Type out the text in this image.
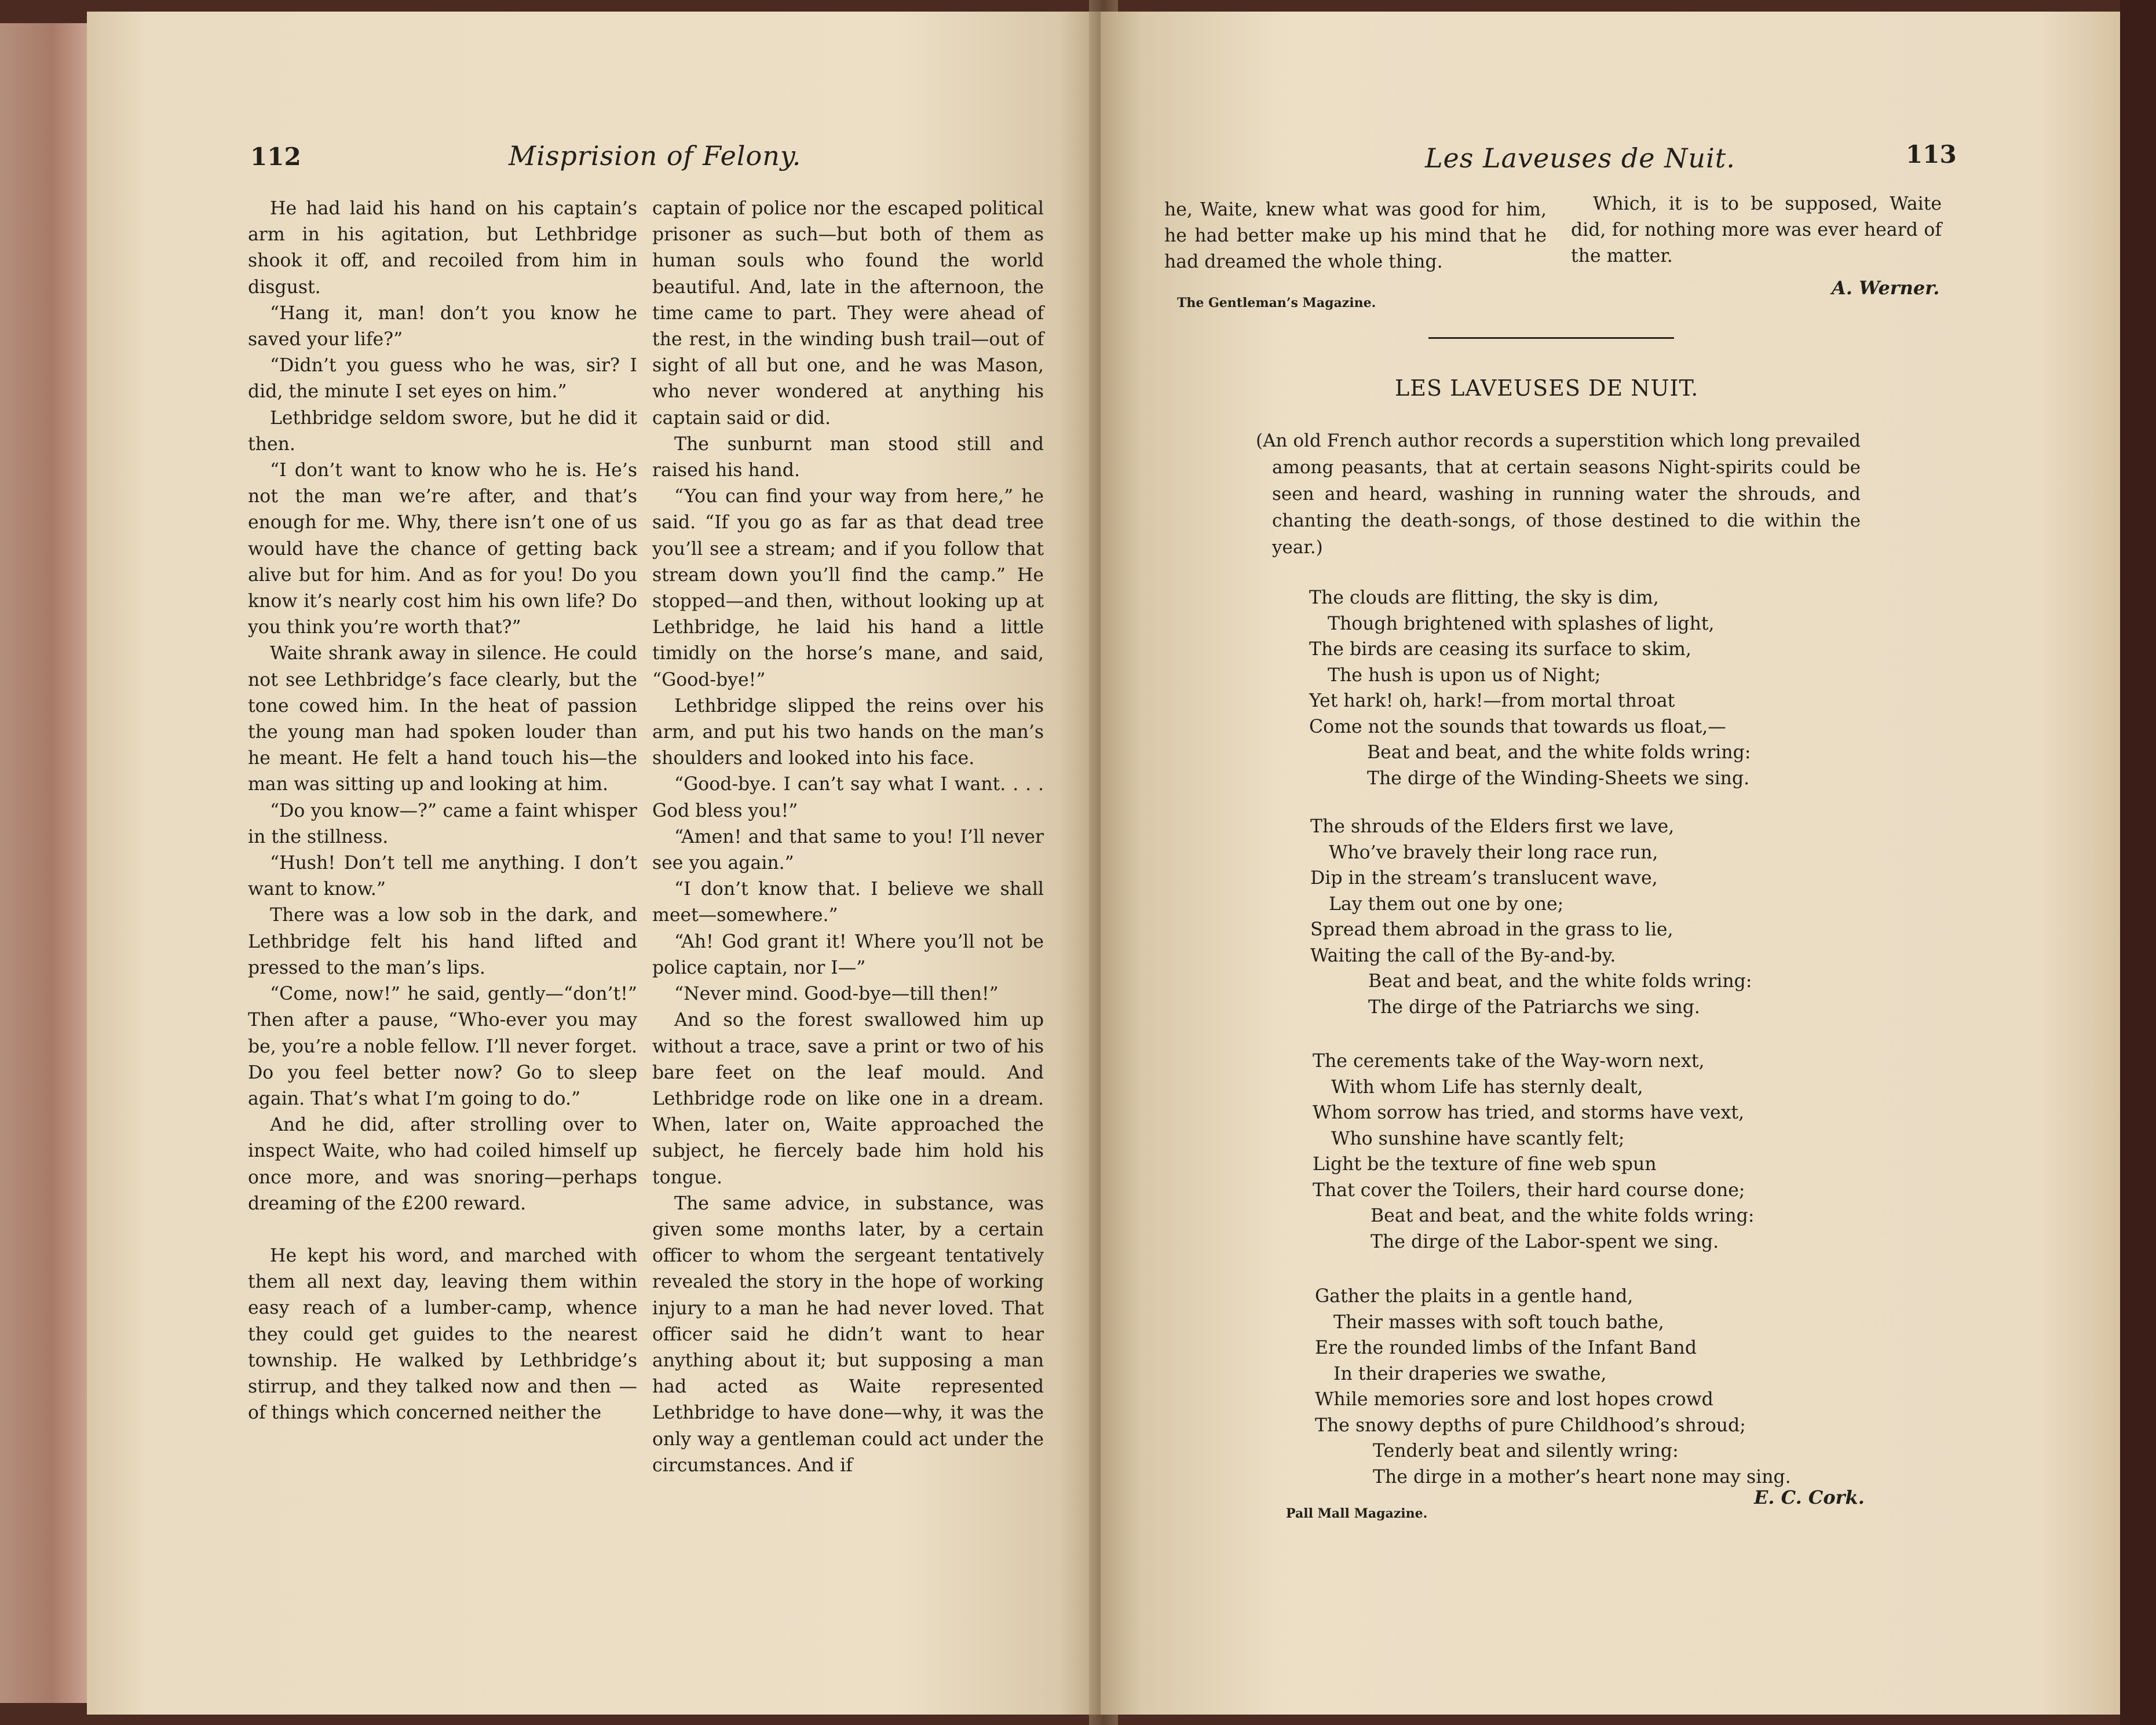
112	Misprision of Felony.

He had laid his hand on his captain’s arm in his agitation, but Lethbridge shook it off, and recoiled from him in disgust.

“Hang it, man! don’t you know he saved your life?”

“Didn’t you guess who he was, sir? I did, the minute I set eyes on him.”

Lethbridge seldom swore, but he did it then.

“I don’t want to know who he is. He’s not the man we’re after, and that’s enough for me. Why, there isn’t one of us would have the chance of getting back alive but for him. And as for you! Do you know it’s nearly cost him his own life? Do you think you’re worth that?”

Waite shrank away in silence. He could not see Lethbridge’s face clearly, but the tone cowed him. In the heat of passion the young man had spoken louder than he meant. He felt a hand touch his—the man was sitting up and looking at him.

“Do you know—?” came a faint whisper in the stillness.

“Hush! Don’t tell me anything. I don’t want to know.”

There was a low sob in the dark, and Lethbridge felt his hand lifted and pressed to the man’s lips.

“Come, now!” he said, gently—“don’t!” Then after a pause, “Who-ever you may be, you’re a noble fellow. I’ll never forget. Do you feel better now? Go to sleep again. That’s what I’m going to do.”

And he did, after strolling over to inspect Waite, who had coiled himself up once more, and was snoring—perhaps dreaming of the £200 reward.

He kept his word, and marched with them all next day, leaving them within easy reach of a lumber-camp, whence they could get guides to the nearest township. He walked by Lethbridge’s stirrup, and they talked now and then —of things which concerned neither the

captain of police nor the escaped political prisoner as such—but both of them as human souls who found the world beautiful. And, late in the afternoon, the time came to part. They were ahead of the rest, in the winding bush trail—out of sight of all but one, and he was Mason, who never wondered at anything his captain said or did.

The sunburnt man stood still and raised his hand.

“You can find your way from here,” he said. “If you go as far as that dead tree you’ll see a stream; and if you follow that stream down you’ll find the camp.” He stopped—and then, without looking up at Lethbridge, he laid his hand a little timidly on the horse’s mane, and said, “Good-bye!”

Lethbridge slipped the reins over his arm, and put his two hands on the man’s shoulders and looked into his face.

“Good-bye. I can’t say what I want. . . . God bless you!”

“Amen! and that same to you! I’ll never see you again.”

“I don’t know that. I believe we shall meet—somewhere.”

“Ah! God grant it! Where you’ll not be police captain, nor I—”

“Never mind. Good-bye—till then!”

And so the forest swallowed him up without a trace, save a print or two of his bare feet on the leaf mould. And Lethbridge rode on like one in a dream. When, later on, Waite approached the subject, he fiercely bade him hold his tongue.

The same advice, in substance, was given some months later, by a certain officer to whom the sergeant tentatively revealed the story in the hope of working injury to a man he had never loved. That officer said he didn’t want to hear anything about it; but supposing a man had acted as Waite represented Lethbridge to have done—why, it was the only way a gentleman could act under the circumstances. And if

Les Laveuses de Nuit.	113

he, Waite, knew what was good for him, he had better make up his mind that he had dreamed the whole thing.

Which, it is to be supposed, Waite did, for nothing more was ever heard of the matter.

The Gentleman’s Magazine.
A. Werner.
LES LAVEUSES DE NUIT.

(An old French author records a superstition which long prevailed among peasants, that at certain seasons Night-spirits could be seen and heard, washing in running water the shrouds, and chanting the death-songs, of those destined to die within the year.)

The clouds are flitting, the sky is dim,
Though brightened with splashes of light,
The birds are ceasing its surface to skim,
The hush is upon us of Night;
Yet hark! oh, hark!—from mortal throat
Come not the sounds that towards us float,—
Beat and beat, and the white folds wring:
The dirge of the Winding-Sheets we sing.
The shrouds of the Elders first we lave,
Who’ve bravely their long race run,
Dip in the stream’s translucent wave,
Lay them out one by one;
Spread them abroad in the grass to lie,
Waiting the call of the By-and-by.
Beat and beat, and the white folds wring:
The dirge of the Patriarchs we sing.
The cerements take of the Way-worn next,
With whom Life has sternly dealt,
Whom sorrow has tried, and storms have vext,
Who sunshine have scantly felt;
Light be the texture of fine web spun
That cover the Toilers, their hard course done;
Beat and beat, and the white folds wring:
The dirge of the Labor-spent we sing.
Gather the plaits in a gentle hand,
Their masses with soft touch bathe,
Ere the rounded limbs of the Infant Band
In their draperies we swathe,
While memories sore and lost hopes crowd
The snowy depths of pure Childhood’s shroud;
Tenderly beat and silently wring:
The dirge in a mother’s heart none may sing.
Pall Mall Magazine.
E. C. Cork.
